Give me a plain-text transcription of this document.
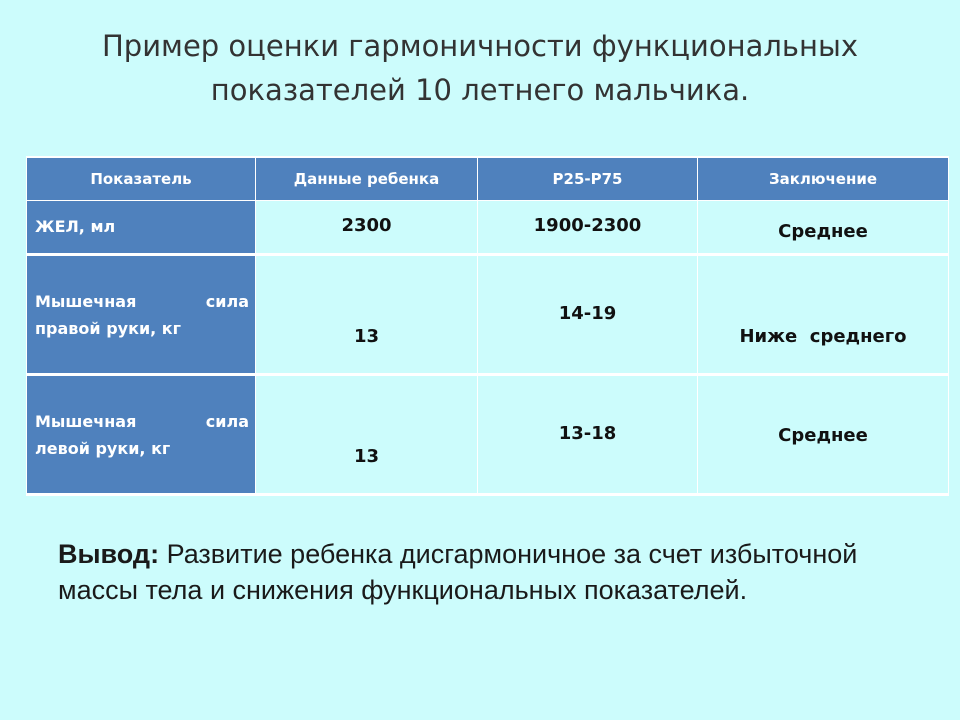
Пример оценки гармоничности функциональных
показателей 10 летнего мальчика.
Показатель	Данные ребенка	Р25-Р75	Заключение

ЖЕЛ, мл	2300	1900-2300	Среднее

Мышечная сила
правой руки, кг	13	14-19	Ниже  среднего

Мышечная сила
левой руки, кг	13	13-18	Среднее

Вывод: Развитие ребенка дисгармоничное за счет избыточной массы тела и снижения функциональных показателей.
